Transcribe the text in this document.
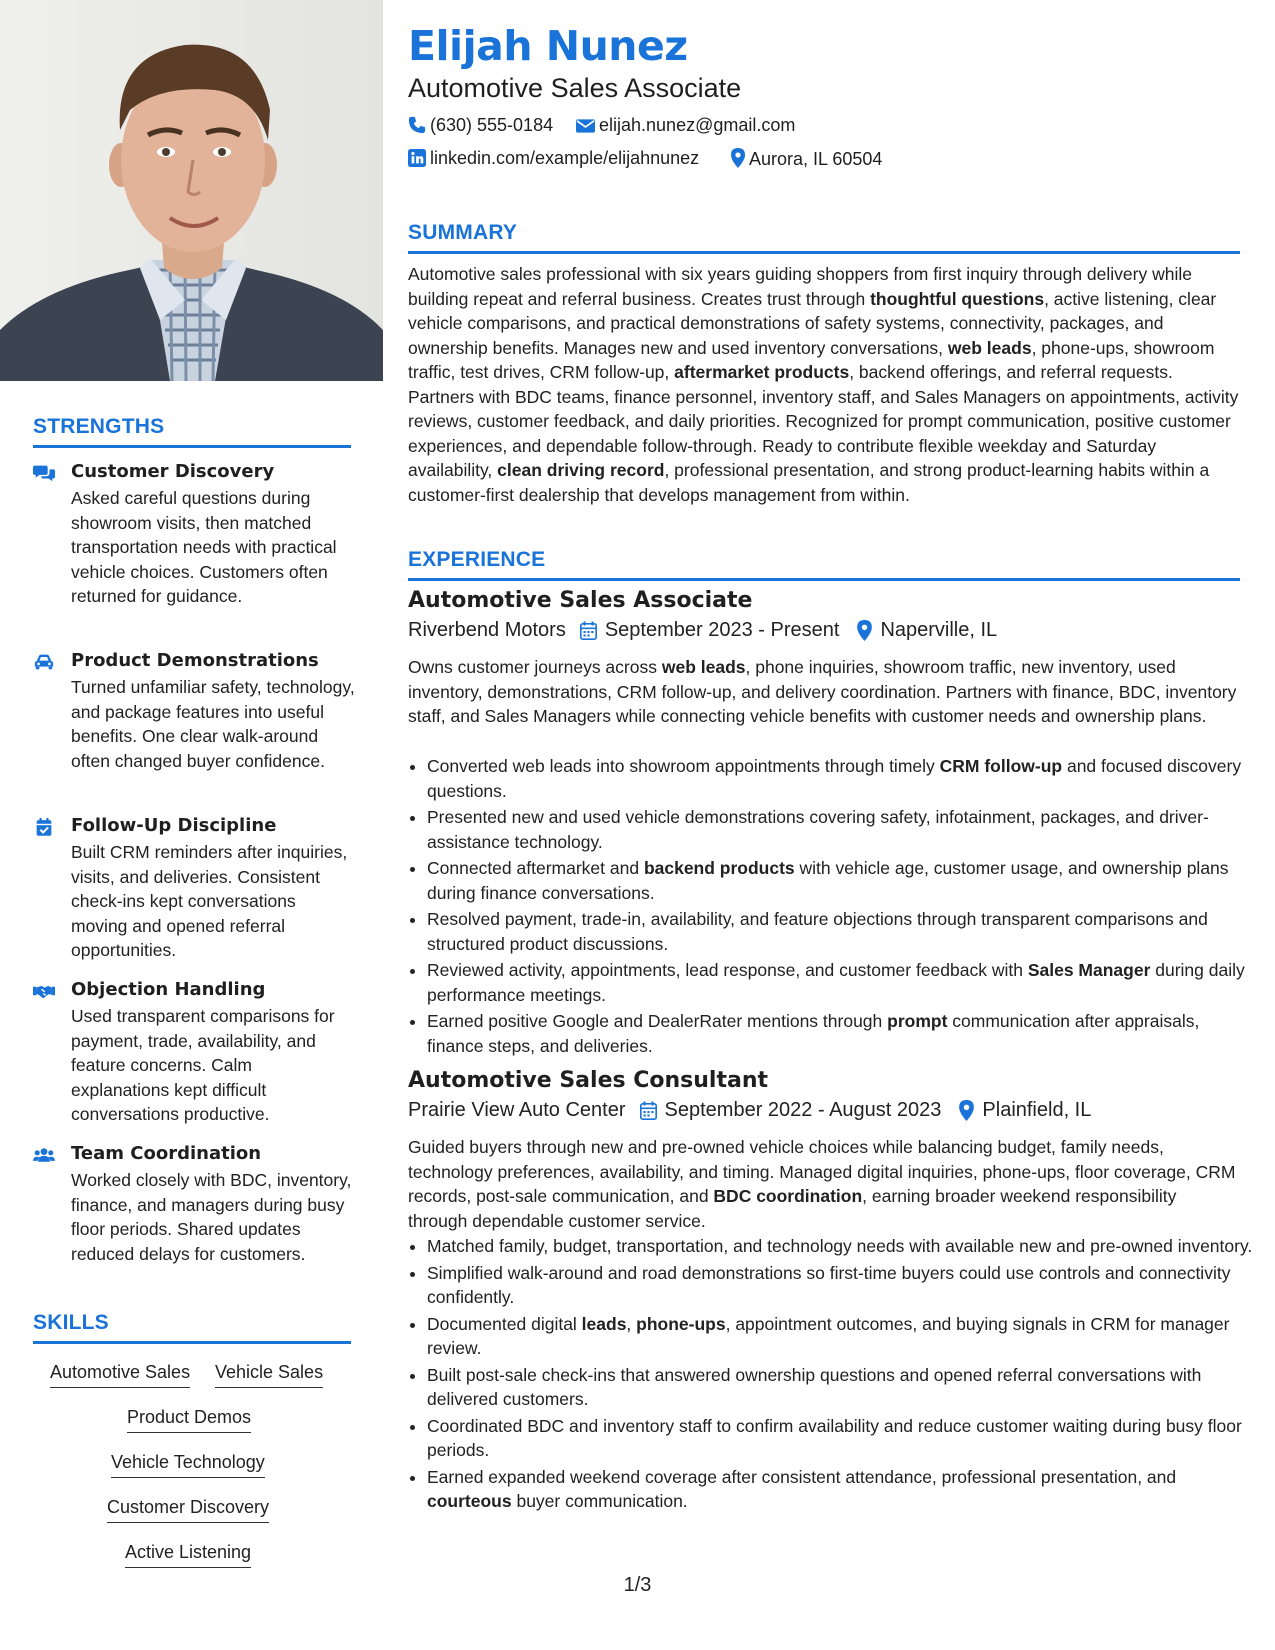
STRENGTHS
Customer Discovery
Asked careful questions during showroom visits, then matched transportation needs with practical vehicle choices. Customers often returned for guidance.
Product Demonstrations
Turned unfamiliar safety, technology, and package features into useful benefits. One clear walk-around often changed buyer confidence.
Follow-Up Discipline
Built CRM reminders after inquiries, visits, and deliveries. Consistent check-ins kept conversations moving and opened referral opportunities.
Objection Handling
Used transparent comparisons for payment, trade, availability, and feature concerns. Calm explanations kept difficult conversations productive.
Team Coordination
Worked closely with BDC, inventory, finance, and managers during busy floor periods. Shared updates reduced delays for customers.
SKILLS
Automotive Sales Vehicle Sales
Product Demos
Vehicle Technology
Customer Discovery
Active Listening
Elijah Nunez
Automotive Sales Associate
(630) 555-0184	elijah.nunez@gmail.com
linkedin.com/example/elijahnunez	Aurora, IL 60504
SUMMARY
Automotive sales professional with six years guiding shoppers from first inquiry through delivery while building repeat and referral business. Creates trust through thoughtful questions, active listening, clear vehicle comparisons, and practical demonstrations of safety systems, connectivity, packages, and ownership benefits. Manages new and used inventory conversations, web leads, phone-ups, showroom traffic, test drives, CRM follow-up, aftermarket products, backend offerings, and referral requests. Partners with BDC teams, finance personnel, inventory staff, and Sales Managers on appointments, activity reviews, customer feedback, and daily priorities. Recognized for prompt communication, positive customer experiences, and dependable follow-through. Ready to contribute flexible weekday and Saturday availability, clean driving record, professional presentation, and strong product-learning habits within a customer-first dealership that develops management from within.
EXPERIENCE
Automotive Sales Associate
Riverbend Motors September 2023 - Present Naperville, IL
Owns customer journeys across web leads, phone inquiries, showroom traffic, new inventory, used inventory, demonstrations, CRM follow-up, and delivery coordination. Partners with finance, BDC, inventory staff, and Sales Managers while connecting vehicle benefits with customer needs and ownership plans.
• Converted web leads into showroom appointments through timely CRM follow-up and focused discovery questions.
• Presented new and used vehicle demonstrations covering safety, infotainment, packages, and driver-assistance technology.
• Connected aftermarket and backend products with vehicle age, customer usage, and ownership plans during finance conversations.
• Resolved payment, trade-in, availability, and feature objections through transparent comparisons and structured product discussions.
• Reviewed activity, appointments, lead response, and customer feedback with Sales Manager during daily performance meetings.
• Earned positive Google and DealerRater mentions through prompt communication after appraisals, finance steps, and deliveries.
Automotive Sales Consultant
Prairie View Auto Center September 2022 - August 2023 Plainfield, IL
Guided buyers through new and pre-owned vehicle choices while balancing budget, family needs, technology preferences, availability, and timing. Managed digital inquiries, phone-ups, floor coverage, CRM records, post-sale communication, and BDC coordination, earning broader weekend responsibility through dependable customer service.
• Matched family, budget, transportation, and technology needs with available new and pre-owned inventory.
• Simplified walk-around and road demonstrations so first-time buyers could use controls and connectivity confidently.
• Documented digital leads, phone-ups, appointment outcomes, and buying signals in CRM for manager review.
• Built post-sale check-ins that answered ownership questions and opened referral conversations with delivered customers.
• Coordinated BDC and inventory staff to confirm availability and reduce customer waiting during busy floor periods.
• Earned expanded weekend coverage after consistent attendance, professional presentation, and courteous buyer communication.
1/3
